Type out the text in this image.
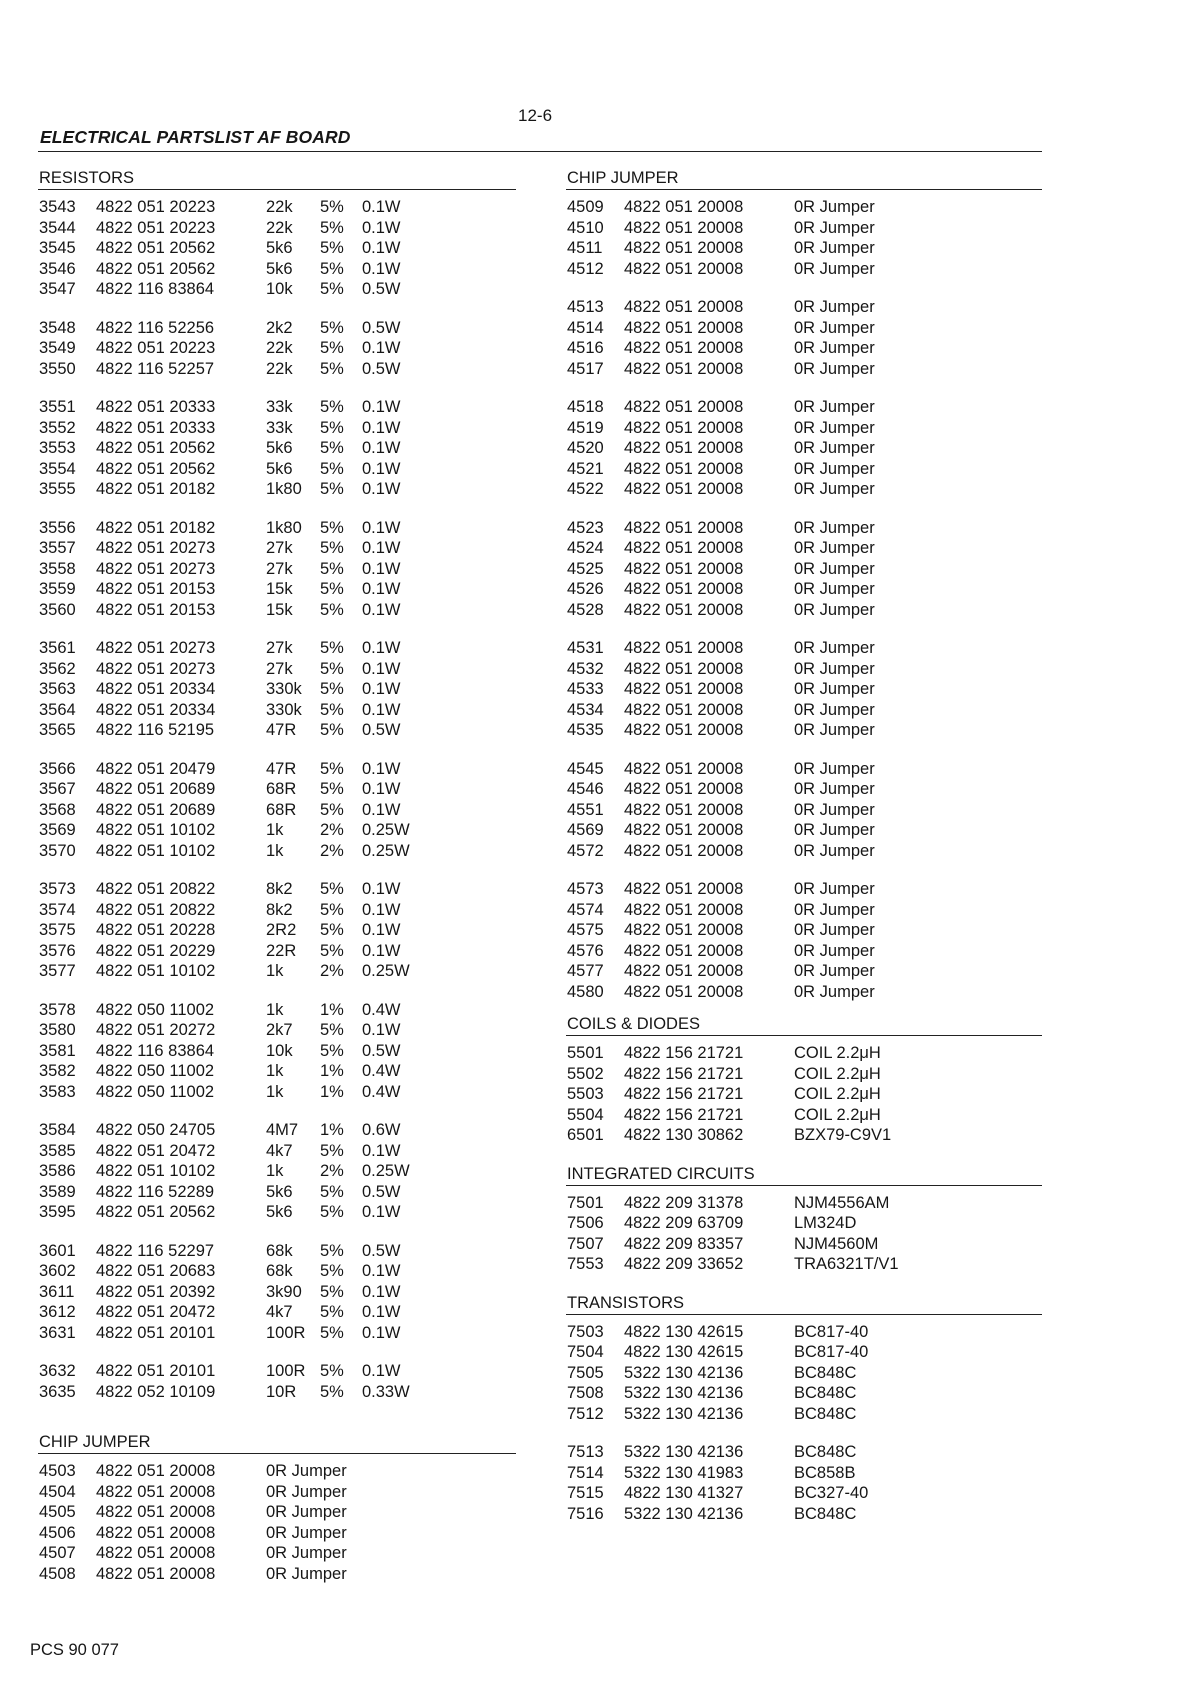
12-6
ELECTRICAL PARTSLIST AF BOARD
RESISTORS
3543	4822 051 20223	22k	5%	0.1W
3544	4822 051 20223	22k	5%	0.1W
3545	4822 051 20562	5k6	5%	0.1W
3546	4822 051 20562	5k6	5%	0.1W
3547	4822 116 83864	10k	5%	0.5W
3548	4822 116 52256	2k2	5%	0.5W
3549	4822 051 20223	22k	5%	0.1W
3550	4822 116 52257	22k	5%	0.5W
3551	4822 051 20333	33k	5%	0.1W
3552	4822 051 20333	33k	5%	0.1W
3553	4822 051 20562	5k6	5%	0.1W
3554	4822 051 20562	5k6	5%	0.1W
3555	4822 051 20182	1k80	5%	0.1W
3556	4822 051 20182	1k80	5%	0.1W
3557	4822 051 20273	27k	5%	0.1W
3558	4822 051 20273	27k	5%	0.1W
3559	4822 051 20153	15k	5%	0.1W
3560	4822 051 20153	15k	5%	0.1W
3561	4822 051 20273	27k	5%	0.1W
3562	4822 051 20273	27k	5%	0.1W
3563	4822 051 20334	330k	5%	0.1W
3564	4822 051 20334	330k	5%	0.1W
3565	4822 116 52195	47R	5%	0.5W
3566	4822 051 20479	47R	5%	0.1W
3567	4822 051 20689	68R	5%	0.1W
3568	4822 051 20689	68R	5%	0.1W
3569	4822 051 10102	1k	2%	0.25W
3570	4822 051 10102	1k	2%	0.25W
3573	4822 051 20822	8k2	5%	0.1W
3574	4822 051 20822	8k2	5%	0.1W
3575	4822 051 20228	2R2	5%	0.1W
3576	4822 051 20229	22R	5%	0.1W
3577	4822 051 10102	1k	2%	0.25W
3578	4822 050 11002	1k	1%	0.4W
3580	4822 051 20272	2k7	5%	0.1W
3581	4822 116 83864	10k	5%	0.5W
3582	4822 050 11002	1k	1%	0.4W
3583	4822 050 11002	1k	1%	0.4W
3584	4822 050 24705	4M7	1%	0.6W
3585	4822 051 20472	4k7	5%	0.1W
3586	4822 051 10102	1k	2%	0.25W
3589	4822 116 52289	5k6	5%	0.5W
3595	4822 051 20562	5k6	5%	0.1W
3601	4822 116 52297	68k	5%	0.5W
3602	4822 051 20683	68k	5%	0.1W
3611	4822 051 20392	3k90	5%	0.1W
3612	4822 051 20472	4k7	5%	0.1W
3631	4822 051 20101	100R 5%	0.1W
3632	4822 051 20101	100R 5%	0.1W
3635	4822 052 10109	10R	5%	0.33W
CHIP JUMPER
4503	4822 051 20008	0R Jumper
4504	4822 051 20008	0R Jumper
4505	4822 051 20008	0R Jumper
4506	4822 051 20008	0R Jumper
4507	4822 051 20008	0R Jumper
4508	4822 051 20008	0R Jumper
CHIP JUMPER
4509	4822 051 20008	0R Jumper
4510	4822 051 20008	0R Jumper
4511	4822 051 20008	0R Jumper
4512	4822 051 20008	0R Jumper
4513	4822 051 20008	0R Jumper
4514	4822 051 20008	0R Jumper
4516	4822 051 20008	0R Jumper
4517	4822 051 20008	0R Jumper
4518	4822 051 20008	0R Jumper
4519	4822 051 20008	0R Jumper
4520	4822 051 20008	0R Jumper
4521	4822 051 20008	0R Jumper
4522	4822 051 20008	0R Jumper
4523	4822 051 20008	0R Jumper
4524	4822 051 20008	0R Jumper
4525	4822 051 20008	0R Jumper
4526	4822 051 20008	0R Jumper
4528	4822 051 20008	0R Jumper
4531	4822 051 20008	0R Jumper
4532	4822 051 20008	0R Jumper
4533	4822 051 20008	0R Jumper
4534	4822 051 20008	0R Jumper
4535	4822 051 20008	0R Jumper
4545	4822 051 20008	0R Jumper
4546	4822 051 20008	0R Jumper
4551	4822 051 20008	0R Jumper
4569	4822 051 20008	0R Jumper
4572	4822 051 20008	0R Jumper
4573	4822 051 20008	0R Jumper
4574	4822 051 20008	0R Jumper
4575	4822 051 20008	0R Jumper
4576	4822 051 20008	0R Jumper
4577	4822 051 20008	0R Jumper
4580	4822 051 20008	0R Jumper
COILS & DIODES
5501	4822 156 21721	COIL 2.2μH
5502	4822 156 21721	COIL 2.2μH
5503	4822 156 21721	COIL 2.2μH
5504	4822 156 21721	COIL 2.2μH
6501	4822 130 30862	BZX79-C9V1
INTEGRATED CIRCUITS
7501	4822 209 31378	NJM4556AM
7506	4822 209 63709	LM324D
7507	4822 209 83357	NJM4560M
7553	4822 209 33652	TRA6321T/V1
TRANSISTORS
7503	4822 130 42615	BC817-40
7504	4822 130 42615	BC817-40
7505	5322 130 42136	BC848C
7508	5322 130 42136	BC848C
7512	5322 130 42136	BC848C
7513	5322 130 42136	BC848C
7514	5322 130 41983	BC858B
7515	4822 130 41327	BC327-40
7516	5322 130 42136	BC848C
PCS 90 077
